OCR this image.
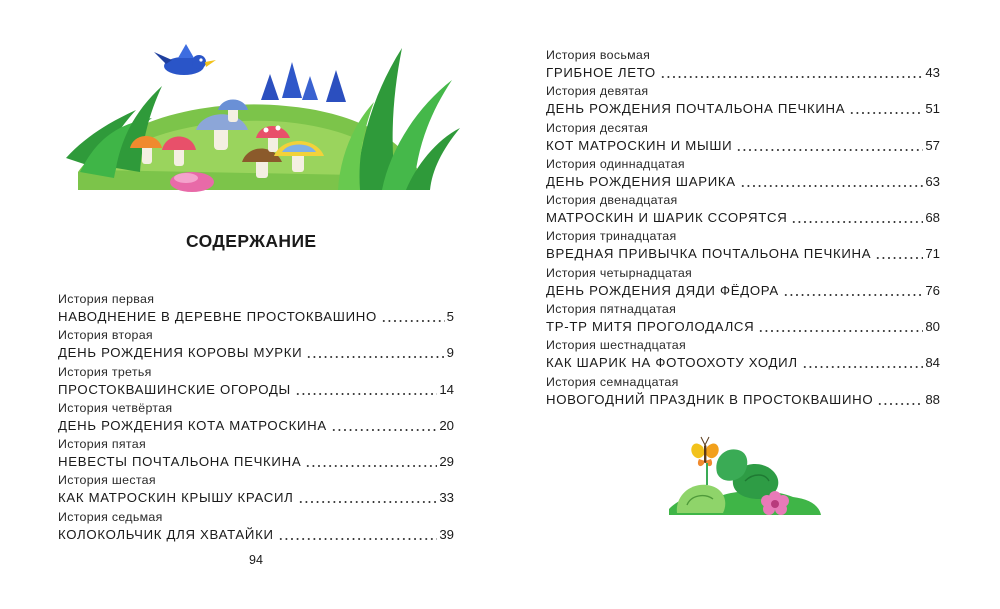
СОДЕРЖАНИЕ
История первая
НАВОДНЕНИЕ В ДЕРЕВНЕ ПРОСТОКВАШИНО	5
История вторая
ДЕНЬ РОЖДЕНИЯ КОРОВЫ МУРКИ	9
История третья
ПРОСТОКВАШИНСКИЕ ОГОРОДЫ	14
История четвёртая
ДЕНЬ РОЖДЕНИЯ КОТА МАТРОСКИНА	20
История пятая
НЕВЕСТЫ ПОЧТАЛЬОНА ПЕЧКИНА	29
История шестая
КАК МАТРОСКИН КРЫШУ КРАСИЛ	33
История седьмая
КОЛОКОЛЬЧИК ДЛЯ ХВАТАЙКИ	39

94

История восьмая
ГРИБНОЕ ЛЕТО	43
История девятая
ДЕНЬ РОЖДЕНИЯ ПОЧТАЛЬОНА ПЕЧКИНА	51
История десятая
КОТ МАТРОСКИН И МЫШИ	57
История одиннадцатая
ДЕНЬ РОЖДЕНИЯ ШАРИКА	63
История двенадцатая
МАТРОСКИН И ШАРИК ССОРЯТСЯ	68
История тринадцатая
ВРЕДНАЯ ПРИВЫЧКА ПОЧТАЛЬОНА ПЕЧКИНА	71
История четырнадцатая
ДЕНЬ РОЖДЕНИЯ ДЯДИ ФЁДОРА	76
История пятнадцатая
ТР-ТР МИТЯ ПРОГОЛОДАЛСЯ	80
История шестнадцатая
КАК ШАРИК НА ФОТООХОТУ ХОДИЛ	84
История семнадцатая
НОВОГОДНИЙ ПРАЗДНИК В ПРОСТОКВАШИНО	88
